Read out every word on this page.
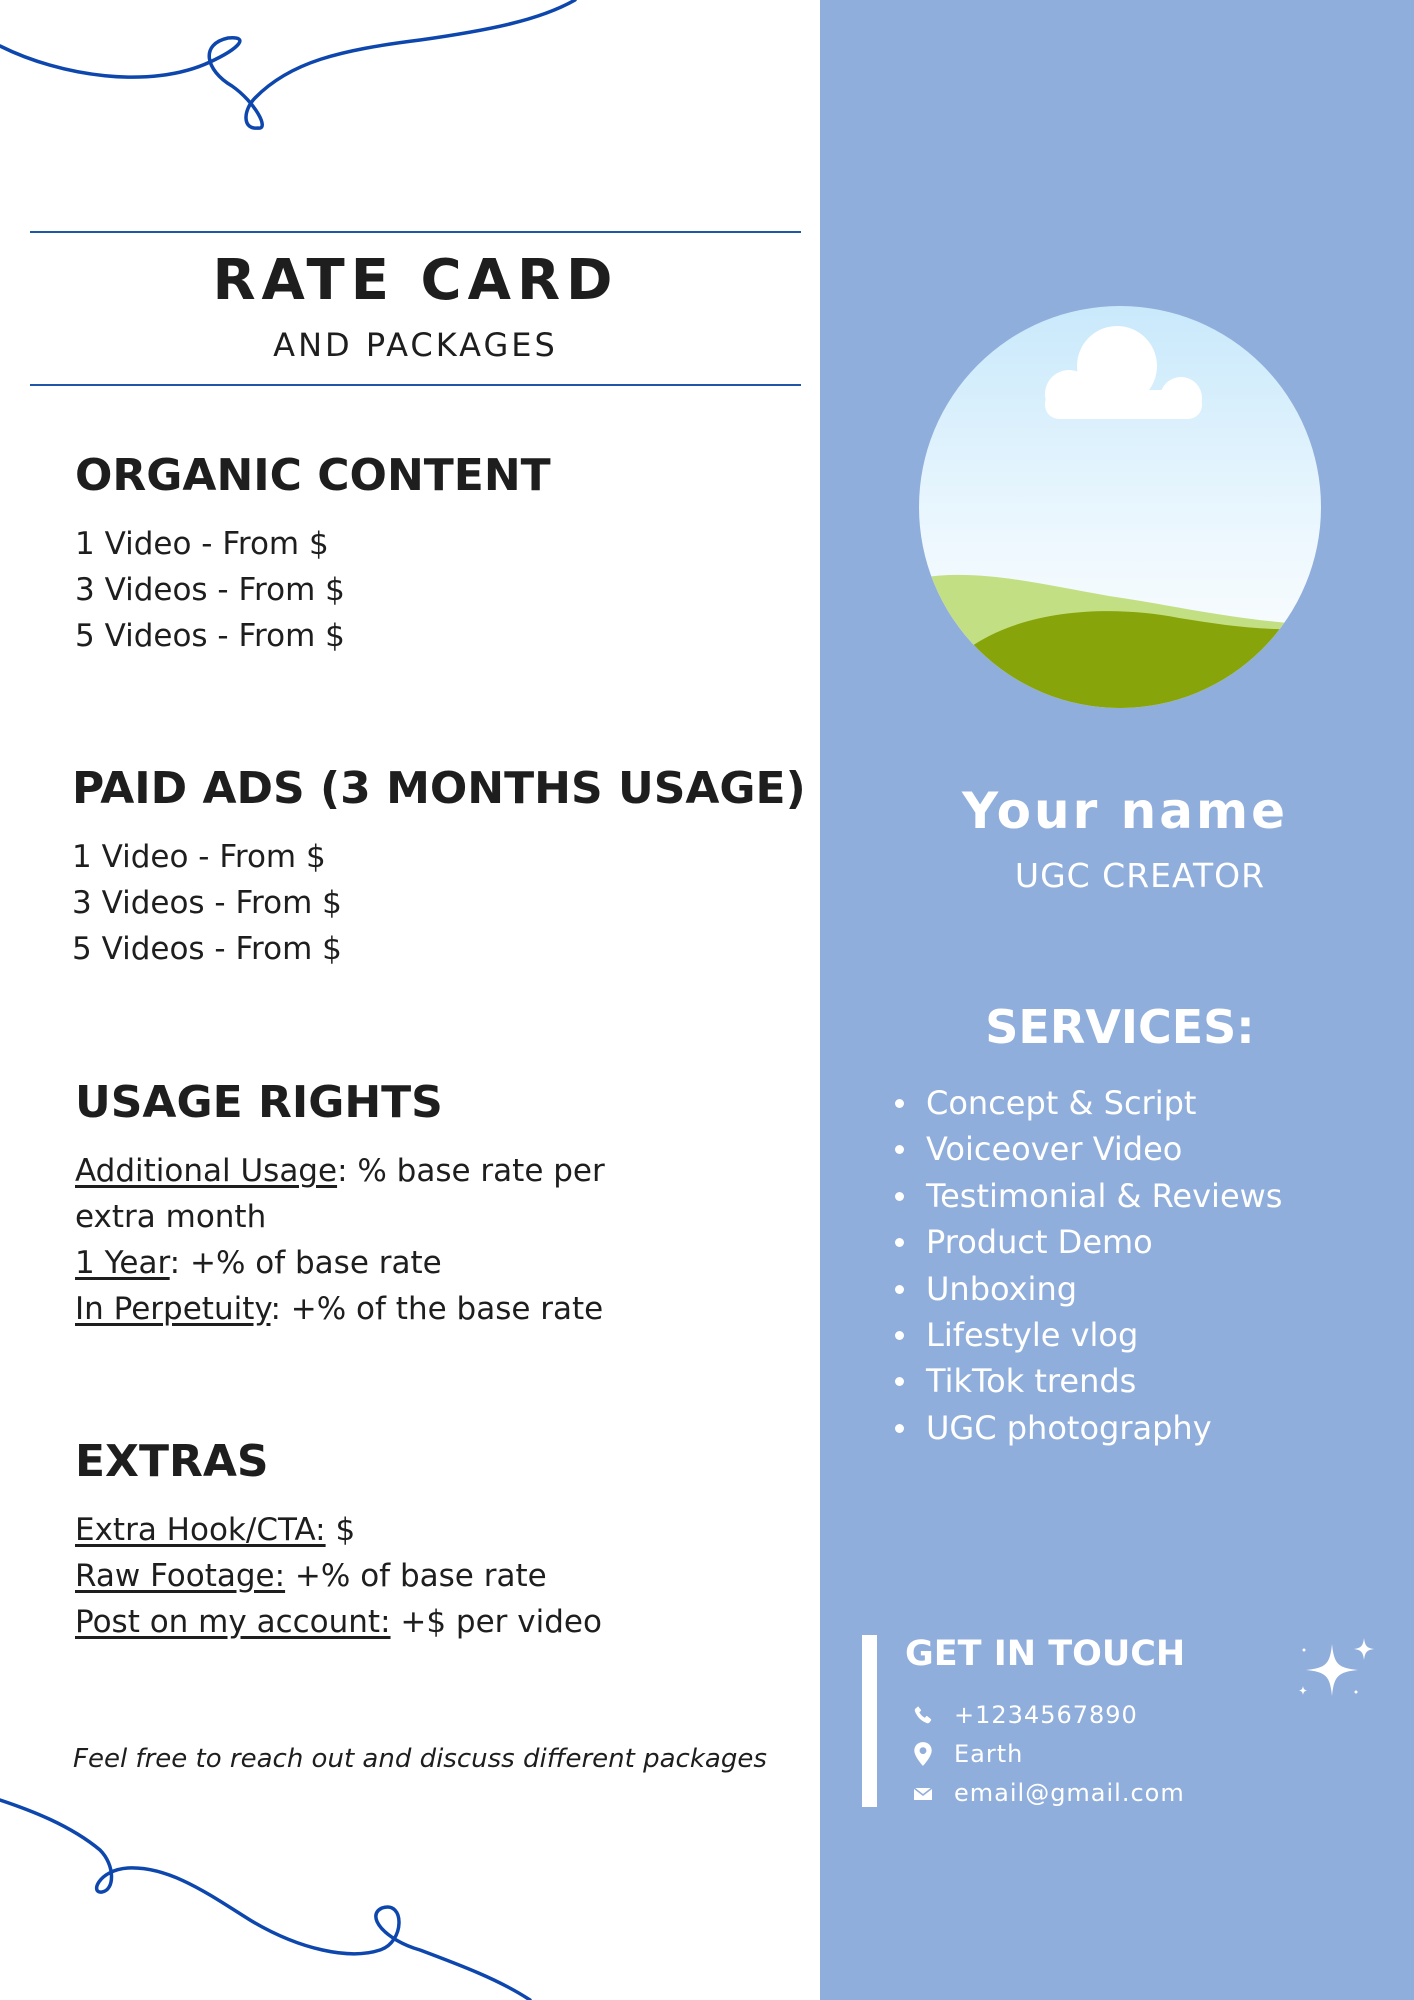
RATE CARD
AND PACKAGES
ORGANIC CONTENT
1 Video - From $
3 Videos - From $
5 Videos - From $
PAID ADS (3 MONTHS USAGE)
1 Video - From $
3 Videos - From $
5 Videos - From $
USAGE RIGHTS
Additional Usage: % base rate per extra month
1 Year: +% of base rate
In Perpetuity: +% of the base rate
EXTRAS
Extra Hook/CTA: $
Raw Footage: +% of base rate
Post on my account: +$ per video
Feel free to reach out and discuss different packages
Your name
UGC CREATOR
SERVICES:
Concept & Script
Voiceover Video
Testimonial & Reviews
Product Demo
Unboxing
Lifestyle vlog
TikTok trends
UGC photography
GET IN TOUCH
+1234567890
Earth
email@gmail.com
